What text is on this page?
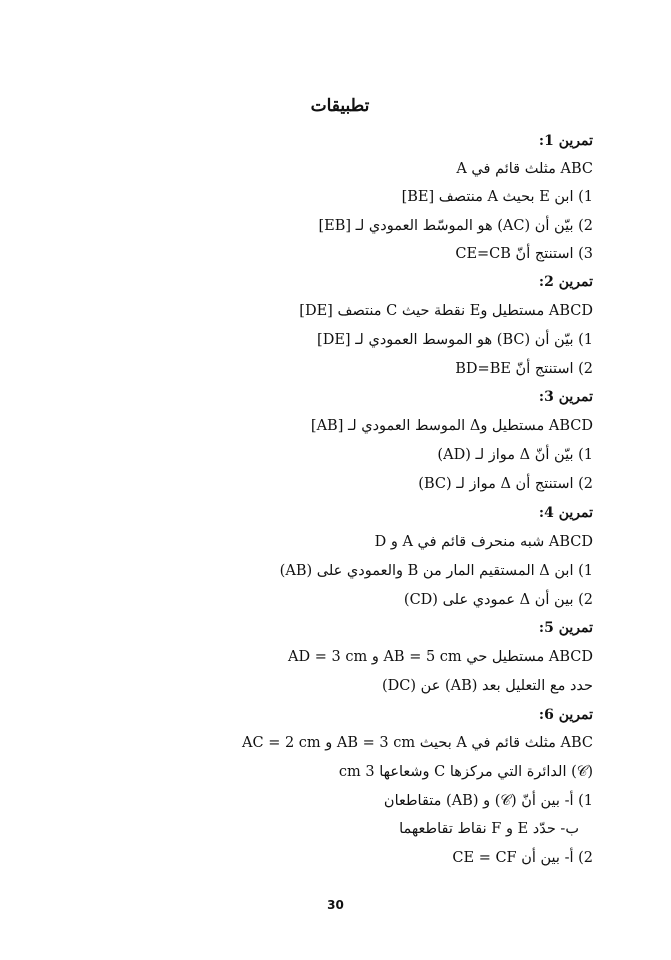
تطبيقات
تمرين 1:
ABC مثلث قائم في A
1) ابن E بحيث A منتصف [BE]
2) بيّن أن (AC) هو الموسّط العمودي لـ [EB]
3) استنتج أنّ CE=CB
تمرين 2:
ABCD مستطيل وE نقطة حيث C منتصف [DE]
1) بيّن أن (BC) هو الموسط العمودي لـ [DE]
2) استنتج أنّ BD=BE
تمرين 3:
ABCD مستطيل وΔ الموسط العمودي لـ [AB]
1) بيّن أنّ Δ مواز لـ (AD)
2) استنتج أن Δ مواز لـ (BC)
تمرين 4:
ABCD شبه منحرف قائم في A و D
1) ابن Δ المستقيم المار من B والعمودي على (AB)
2) بين أن Δ عمودي على (CD)
تمرين 5:
ABCD مستطيل حي AB = 5 cm و AD = 3 cm
حدد مع التعليل بعد (AB) عن (DC)
تمرين 6:
ABC مثلث قائم في A بحيث AB = 3 cm و AC = 2 cm
(𝒞) الدائرة التي مركزها C وشعاعها 3 cm
1) أ- بين أنّ (𝒞) و (AB) متقاطعان
ب- حدّد E و F نقاط تقاطعهما
2) أ- بين أن CE = CF
30
